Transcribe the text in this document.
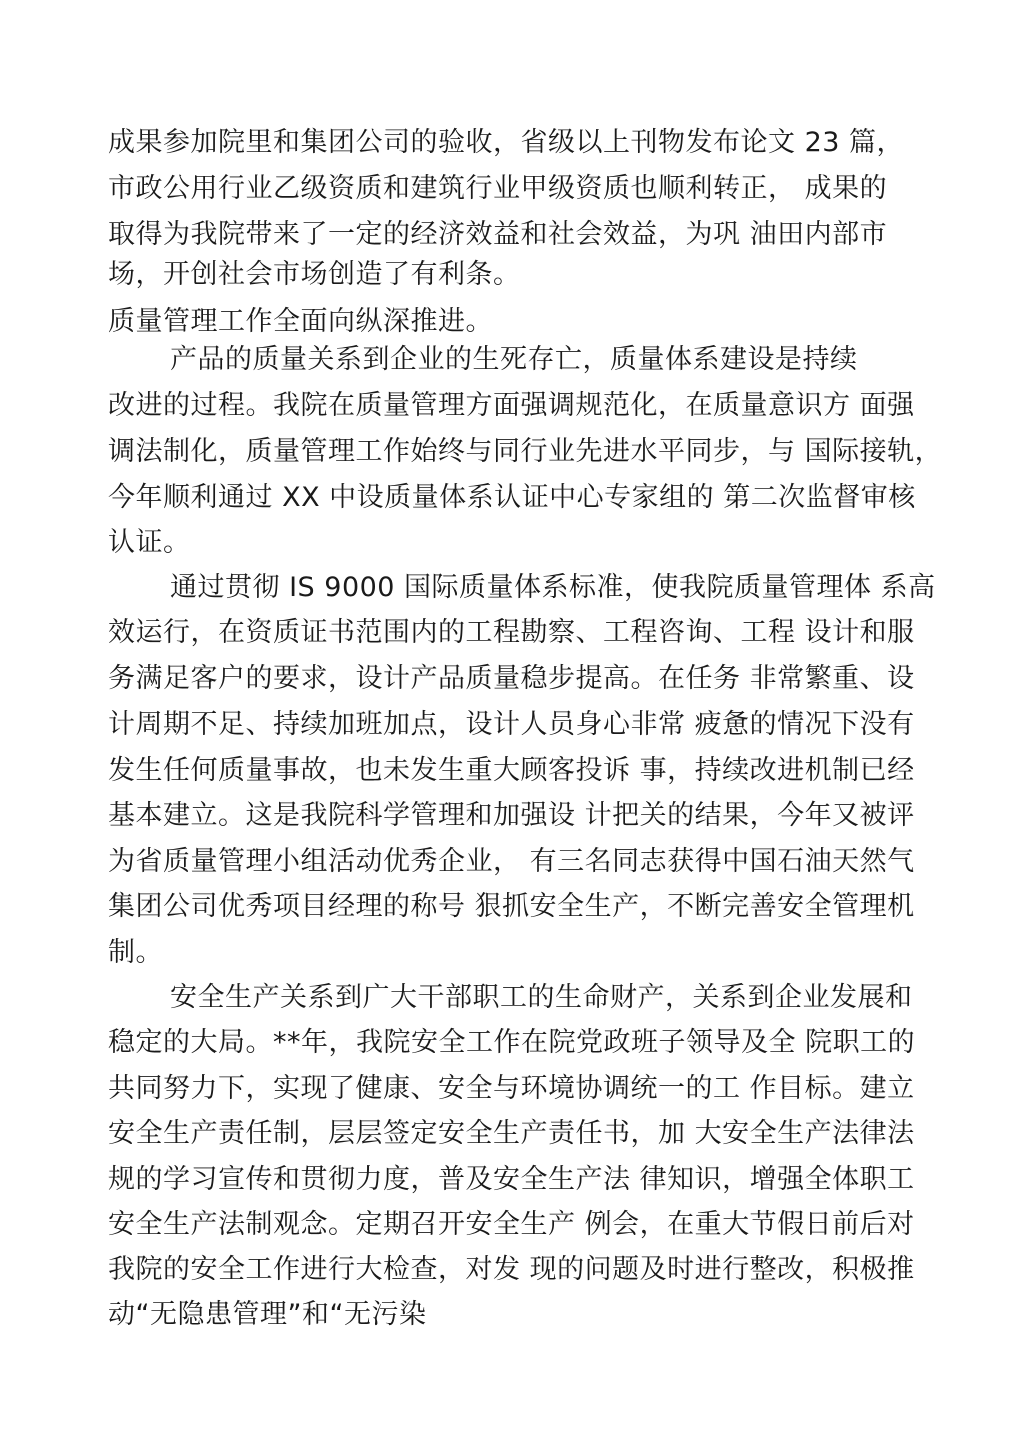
成果参加院里和集团公司的验收，省级以上刊物发布论文 23 篇，
市政公用行业乙级资质和建筑行业甲级资质也顺利转正， 成果的
取得为我院带来了一定的经济效益和社会效益，为巩 油田内部市
场，开创社会市场创造了有利条。
质量管理工作全面向纵深推进。
产品的质量关系到企业的生死存亡，质量体系建设是持续
改进的过程。我院在质量管理方面强调规范化，在质量意识方 面强
调法制化，质量管理工作始终与同行业先进水平同步，与 国际接轨，
今年顺利通过 XX 中设质量体系认证中心专家组的 第二次监督审核
认证。
通过贯彻 IS 9000 国际质量体系标准，使我院质量管理体 系高
效运行，在资质证书范围内的工程勘察、工程咨询、工程 设计和服
务满足客户的要求，设计产品质量稳步提高。在任务 非常繁重、设
计周期不足、持续加班加点，设计人员身心非常 疲惫的情况下没有
发生任何质量事故，也未发生重大顾客投诉 事，持续改进机制已经
基本建立。这是我院科学管理和加强设 计把关的结果，今年又被评
为省质量管理小组活动优秀企业， 有三名同志获得中国石油天然气
集团公司优秀项目经理的称号 狠抓安全生产，不断完善安全管理机
制。
安全生产关系到广大干部职工的生命财产，关系到企业发展和
稳定的大局。**年，我院安全工作在院党政班子领导及全 院职工的
共同努力下，实现了健康、安全与环境协调统一的工 作目标。建立
安全生产责任制，层层签定安全生产责任书，加 大安全生产法律法
规的学习宣传和贯彻力度，普及安全生产法 律知识，增强全体职工
安全生产法制观念。定期召开安全生产 例会，在重大节假日前后对
我院的安全工作进行大检查，对发 现的问题及时进行整改，积极推
动“无隐患管理”和“无污染
